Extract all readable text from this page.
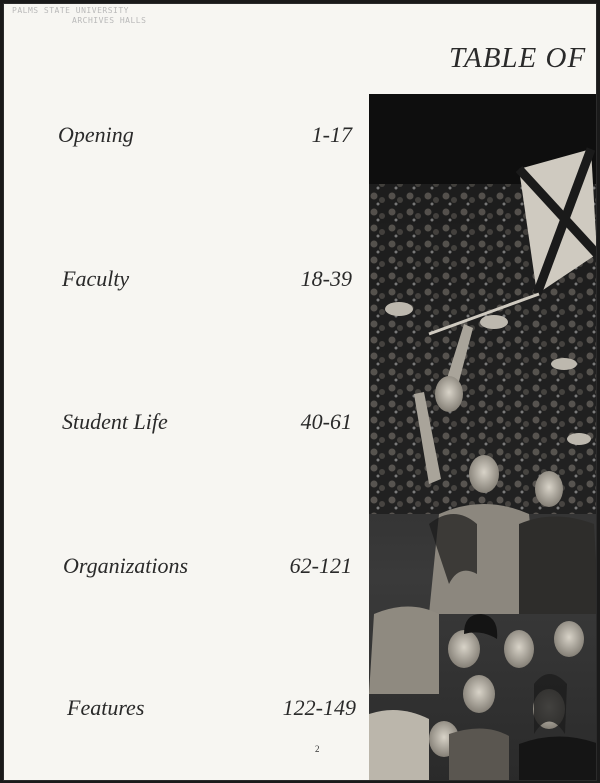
PALMS STATE UNIVERSITY
ARCHIVES HALLS
TABLE OF
Opening	1-17
Faculty	18-39
Student Life	40-61
Organizations	62-121
Features	122-149
2
